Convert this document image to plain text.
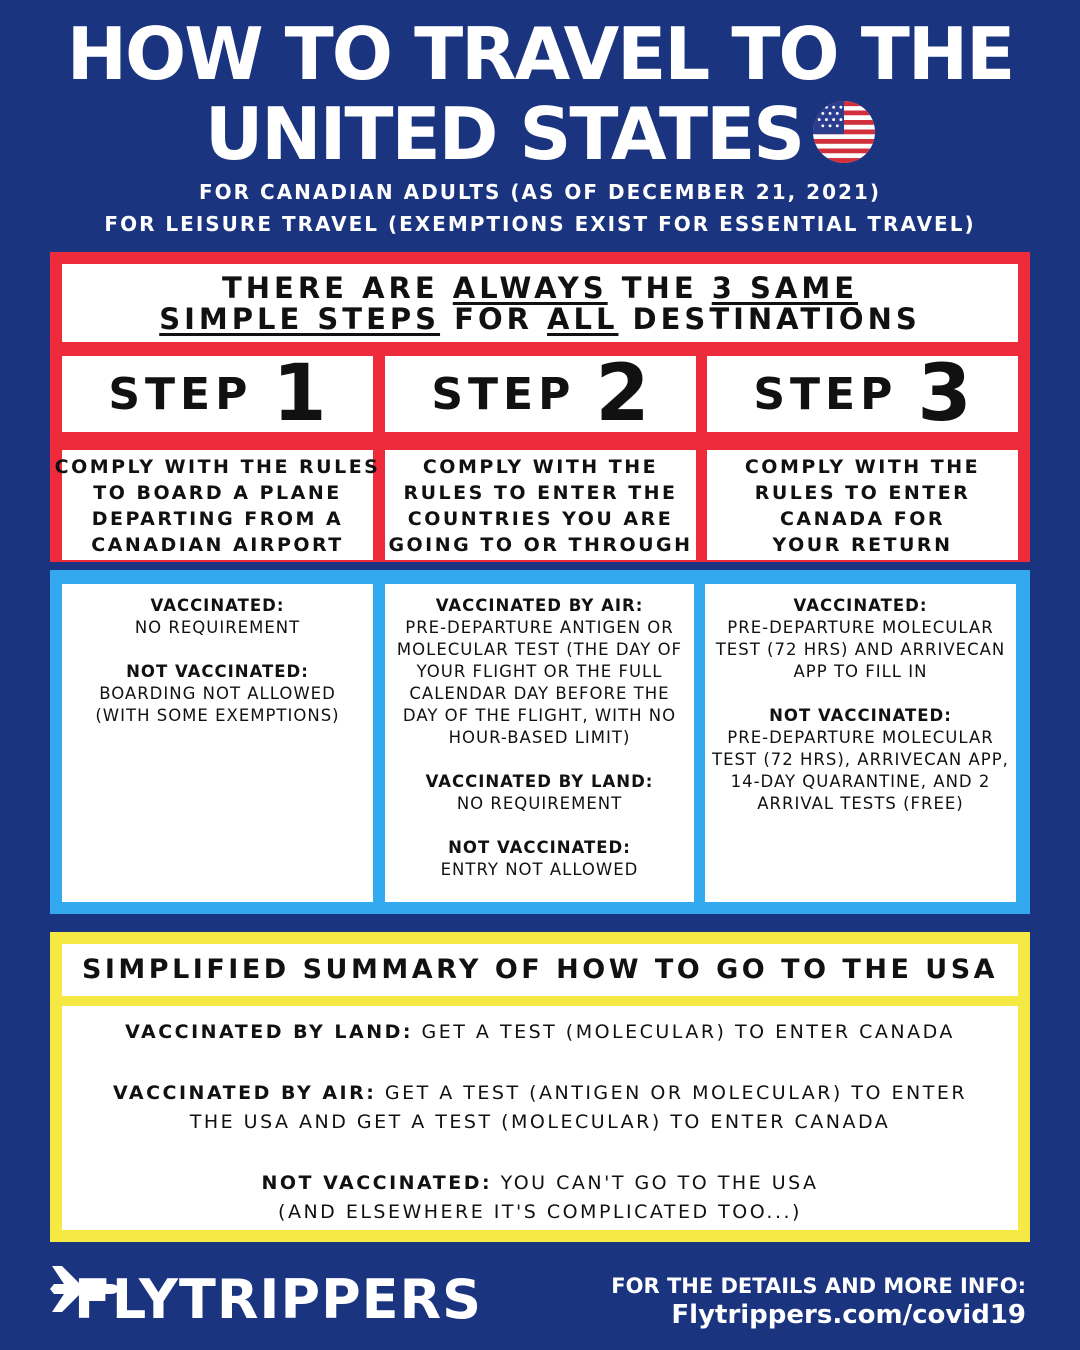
HOW TO TRAVEL TO THE
UNITED STATES
FOR CANADIAN ADULTS (AS OF DECEMBER 21, 2021)
FOR LEISURE TRAVEL (EXEMPTIONS EXIST FOR ESSENTIAL TRAVEL)
THERE ARE ALWAYS THE 3 SAME
SIMPLE STEPS FOR ALL DESTINATIONS
STEP 1 STEP 2 STEP 3
COMPLY WITH THE RULES
TO BOARD A PLANE
DEPARTING FROM A
CANADIAN AIRPORT
COMPLY WITH THE
RULES TO ENTER THE
COUNTRIES YOU ARE
GOING TO OR THROUGH
COMPLY WITH THE
RULES TO ENTER
CANADA FOR
YOUR RETURN

VACCINATED:

NO REQUIREMENT

NOT VACCINATED:

BOARDING NOT ALLOWED

(WITH SOME EXEMPTIONS)

VACCINATED BY AIR:

PRE-DEPARTURE ANTIGEN OR

MOLECULAR TEST (THE DAY OF

YOUR FLIGHT OR THE FULL

CALENDAR DAY BEFORE THE

DAY OF THE FLIGHT, WITH NO

HOUR-BASED LIMIT)

VACCINATED BY LAND:

NO REQUIREMENT

NOT VACCINATED:

ENTRY NOT ALLOWED

VACCINATED:

PRE-DEPARTURE MOLECULAR

TEST (72 HRS) AND ARRIVECAN

APP TO FILL IN

NOT VACCINATED:

PRE-DEPARTURE MOLECULAR

TEST (72 HRS), ARRIVECAN APP,

14-DAY QUARANTINE, AND 2

ARRIVAL TESTS (FREE)

SIMPLIFIED SUMMARY OF HOW TO GO TO THE USA

VACCINATED BY LAND: GET A TEST (MOLECULAR) TO ENTER CANADA

VACCINATED BY AIR: GET A TEST (ANTIGEN OR MOLECULAR) TO ENTER

THE USA AND GET A TEST (MOLECULAR) TO ENTER CANADA

NOT VACCINATED: YOU CAN'T GO TO THE USA

(AND ELSEWHERE IT'S COMPLICATED TOO...)

FLYTRIPPERS	FOR THE DETAILS AND MORE INFO:
Flytrippers.com/covid19
